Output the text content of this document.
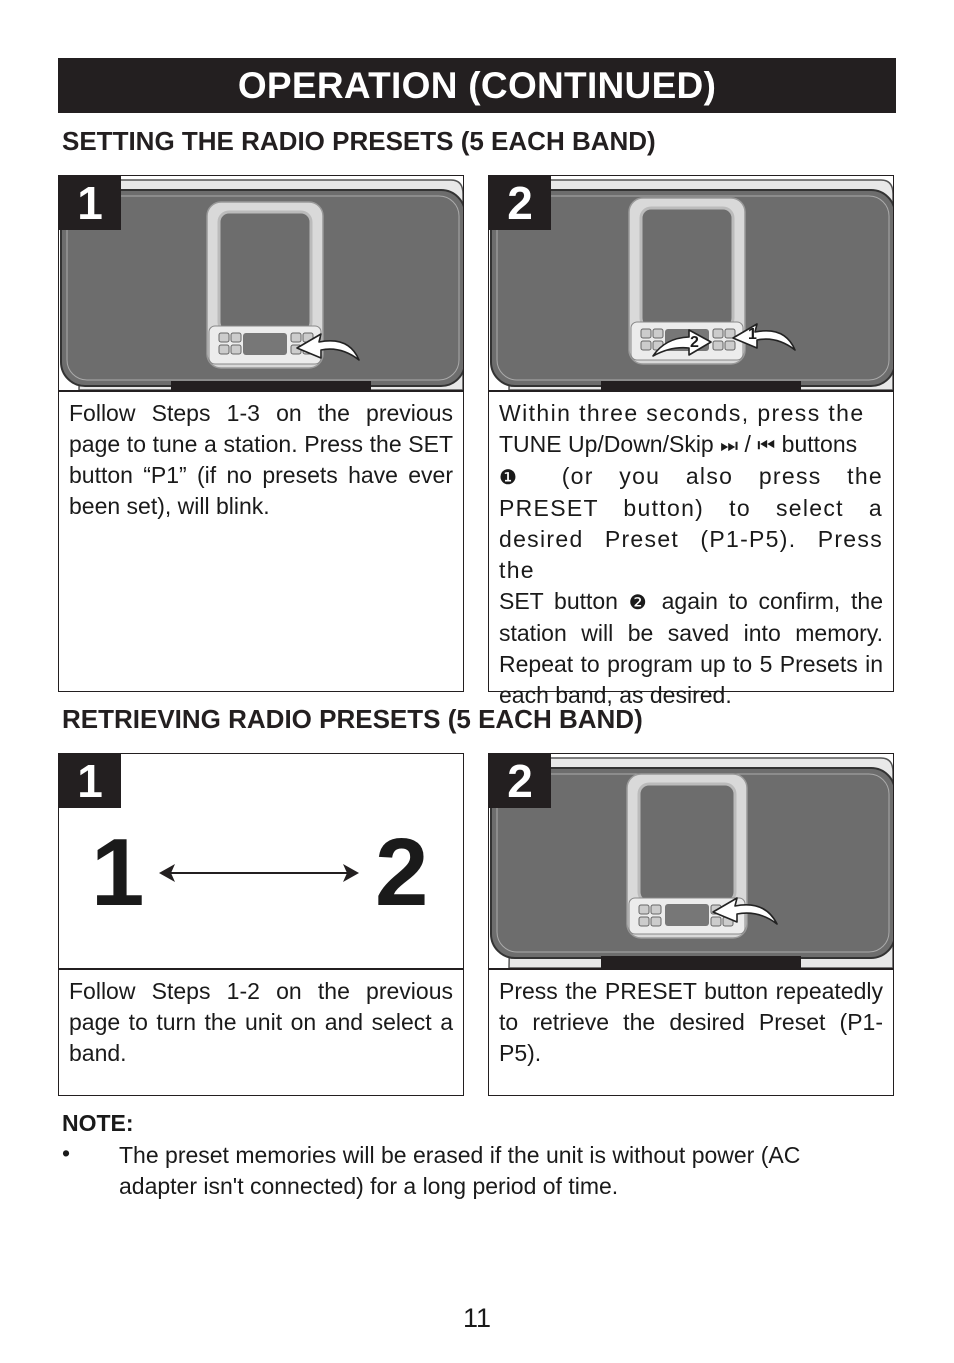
OPERATION (CONTINUED)
SETTING THE RADIO PRESETS (5 EACH BAND)
1
Follow Steps 1-3 on the previous page to tune a station. Press the SET button “P1” (if no presets have ever been set), will blink.
2
1
2
Within three seconds, press the
TUNE Up/Down/Skip ⏭ / ⏮ buttons
❶ (or you also press the PRESET button) to select a desired Preset (P1-P5). Press the
SET button ❷ again to confirm, the station will be saved into memory. Repeat to program up to 5 Presets in each band, as desired.
RETRIEVING RADIO PRESETS (5 EACH BAND)
1 2
1
Follow Steps 1-2 on the previous page to turn the unit on and select a band.
2
Press the PRESET button repeatedly to retrieve the desired Preset (P1-P5).
NOTE:
• The preset memories will be erased if the unit is without power (AC adapter isn't connected) for a long period of time.
11
